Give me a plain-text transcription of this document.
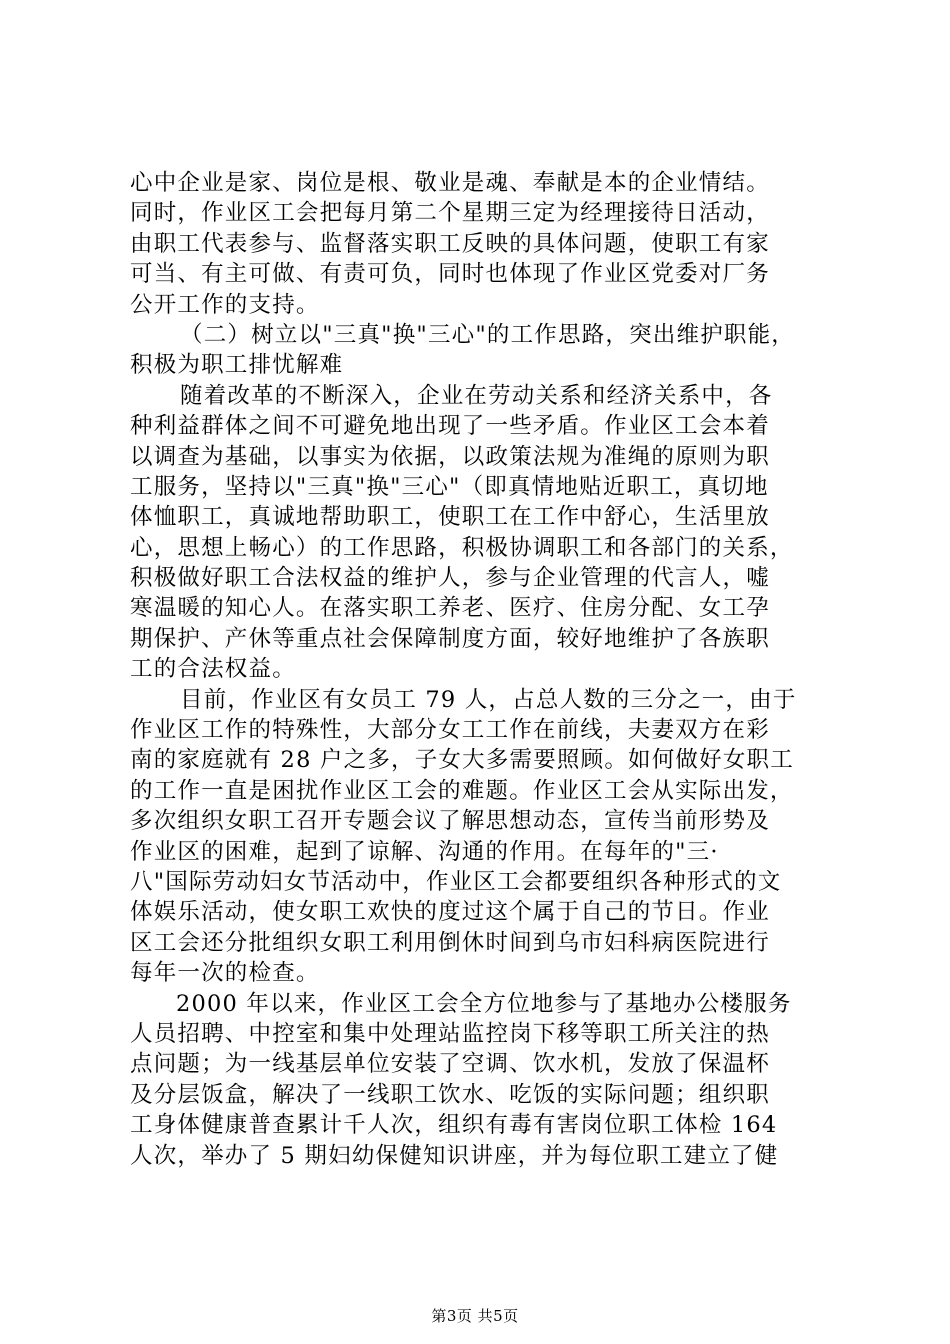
心中企业是家、岗位是根、敬业是魂、奉献是本的企业情结。
同时，作业区工会把每月第二个星期三定为经理接待日活动，
由职工代表参与、监督落实职工反映的具体问题，使职工有家
可当、有主可做、有责可负，同时也体现了作业区党委对厂务
公开工作的支持。
（二）树立以"三真"换"三心"的工作思路，突出维护职能，
积极为职工排忧解难
随着改革的不断深入，企业在劳动关系和经济关系中，各
种利益群体之间不可避免地出现了一些矛盾。作业区工会本着
以调查为基础，以事实为依据，以政策法规为准绳的原则为职
工服务，坚持以"三真"换"三心"（即真情地贴近职工，真切地
体恤职工，真诚地帮助职工，使职工在工作中舒心，生活里放
心，思想上畅心）的工作思路，积极协调职工和各部门的关系，
积极做好职工合法权益的维护人，参与企业管理的代言人，嘘
寒温暖的知心人。在落实职工养老、医疗、住房分配、女工孕
期保护、产休等重点社会保障制度方面，较好地维护了各族职
工的合法权益。
目前，作业区有女员工 79 人，占总人数的三分之一，由于
作业区工作的特殊性，大部分女工工作在前线，夫妻双方在彩
南的家庭就有 28 户之多，子女大多需要照顾。如何做好女职工
的工作一直是困扰作业区工会的难题。作业区工会从实际出发，
多次组织女职工召开专题会议了解思想动态，宣传当前形势及
作业区的困难，起到了谅解、沟通的作用。在每年的"三·
八"国际劳动妇女节活动中，作业区工会都要组织各种形式的文
体娱乐活动，使女职工欢快的度过这个属于自己的节日。作业
区工会还分批组织女职工利用倒休时间到乌市妇科病医院进行
每年一次的检查。
2000 年以来，作业区工会全方位地参与了基地办公楼服务
人员招聘、中控室和集中处理站监控岗下移等职工所关注的热
点问题；为一线基层单位安装了空调、饮水机，发放了保温杯
及分层饭盒，解决了一线职工饮水、吃饭的实际问题；组织职
工身体健康普查累计千人次，组织有毒有害岗位职工体检 164
人次，举办了 5 期妇幼保健知识讲座，并为每位职工建立了健
第3页 共5页
